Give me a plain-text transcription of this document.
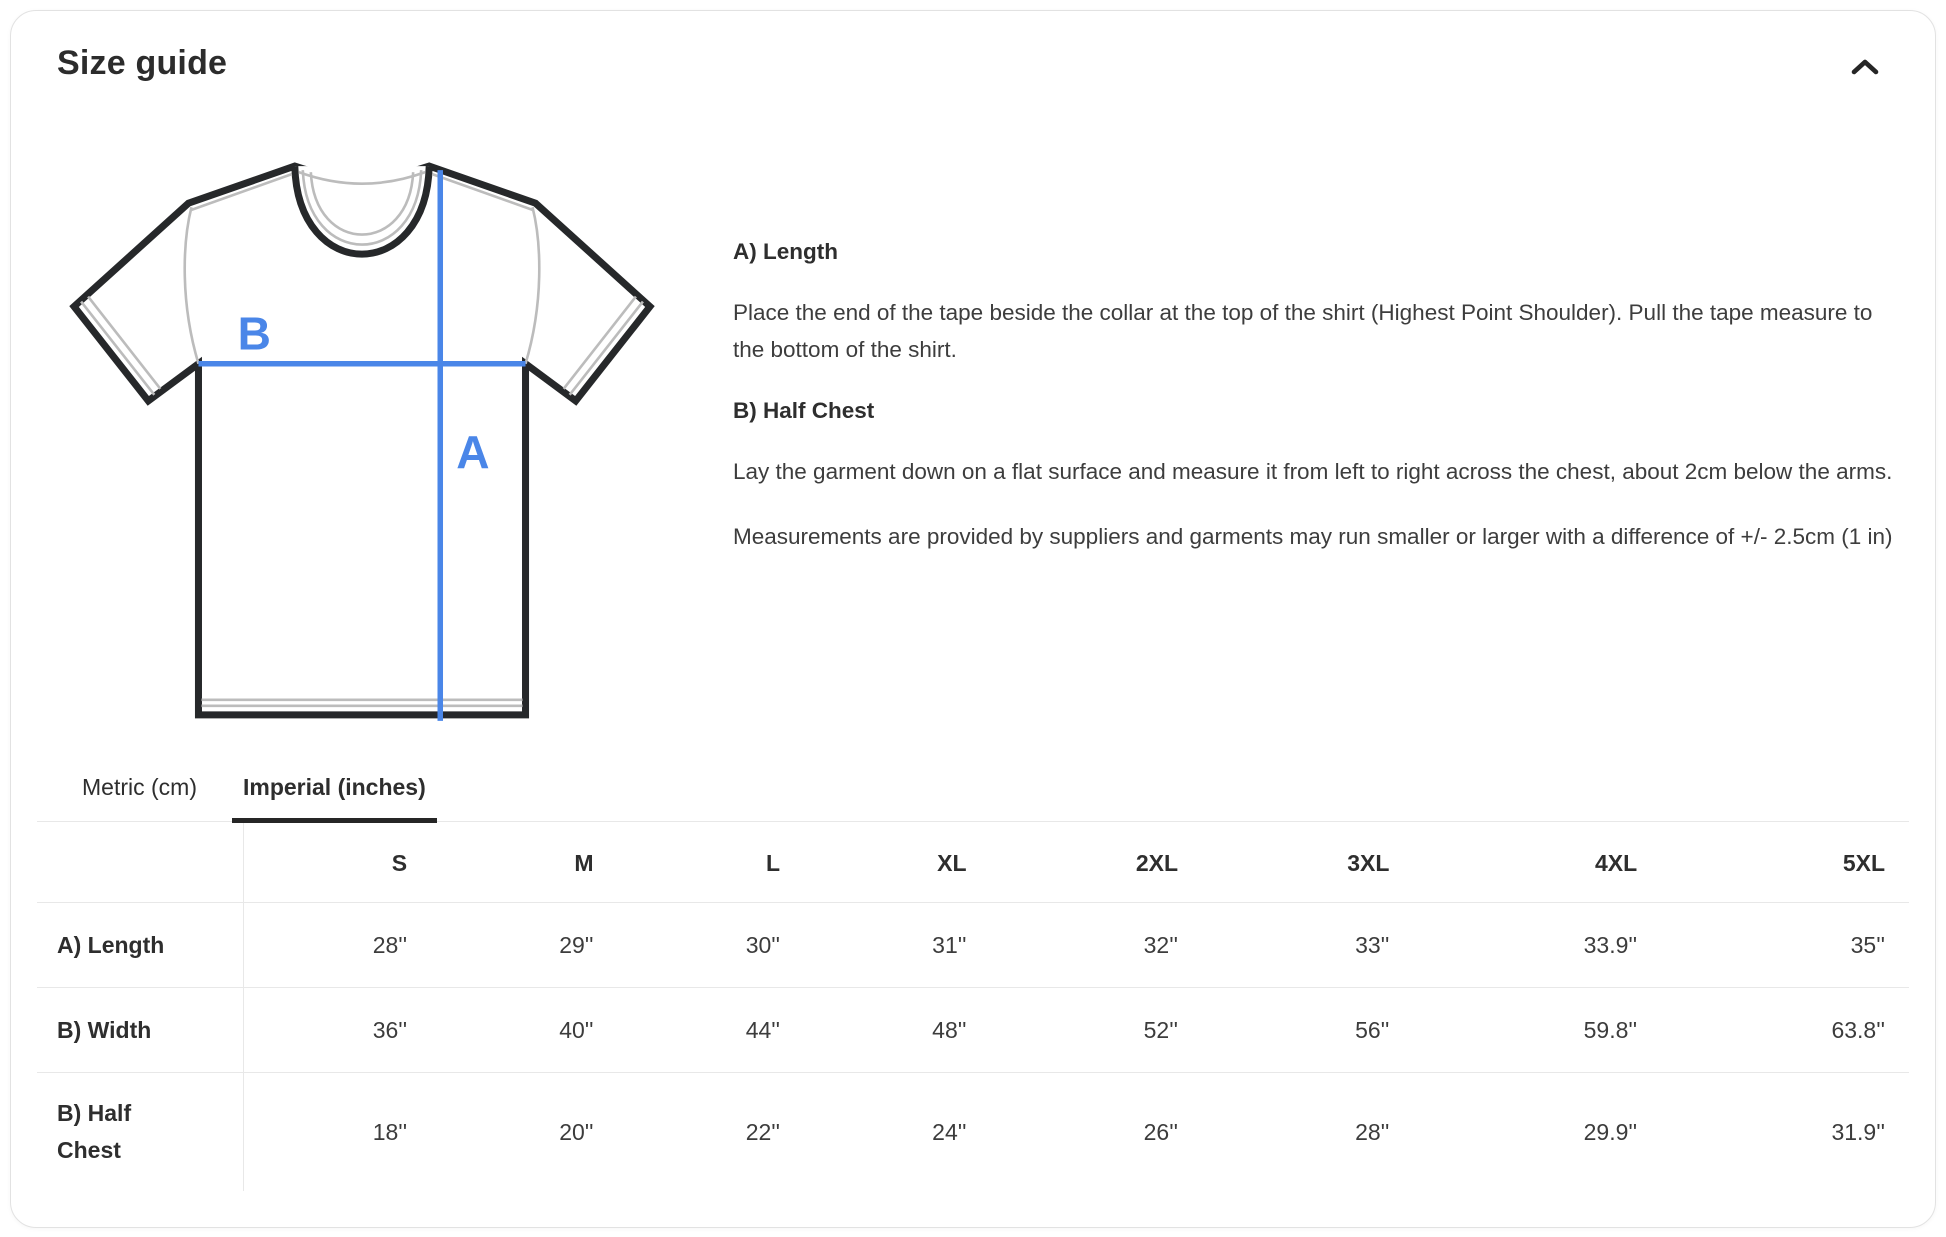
Size guide
B
A
A) Length

Place the end of the tape beside the collar at the top of the shirt (Highest Point Shoulder). Pull the tape measure to the bottom of the shirt.

B) Half Chest

Lay the garment down on a flat surface and measure it from left to right across the chest, about 2cm below the arms.

Measurements are provided by suppliers and garments may run smaller or larger with a difference of +/- 2.5cm (1 in)

Metric (cm)	Imperial (inches)
	S	M	L	XL	2XL	3XL	4XL	5XL
A) Length	28''	29''	30''	31''	32''	33''	33.9''	35''
B) Width	36''	40''	44''	48''	52''	56''	59.8''	63.8''
B) Half Chest	18''	20''	22''	24''	26''	28''	29.9''	31.9''
